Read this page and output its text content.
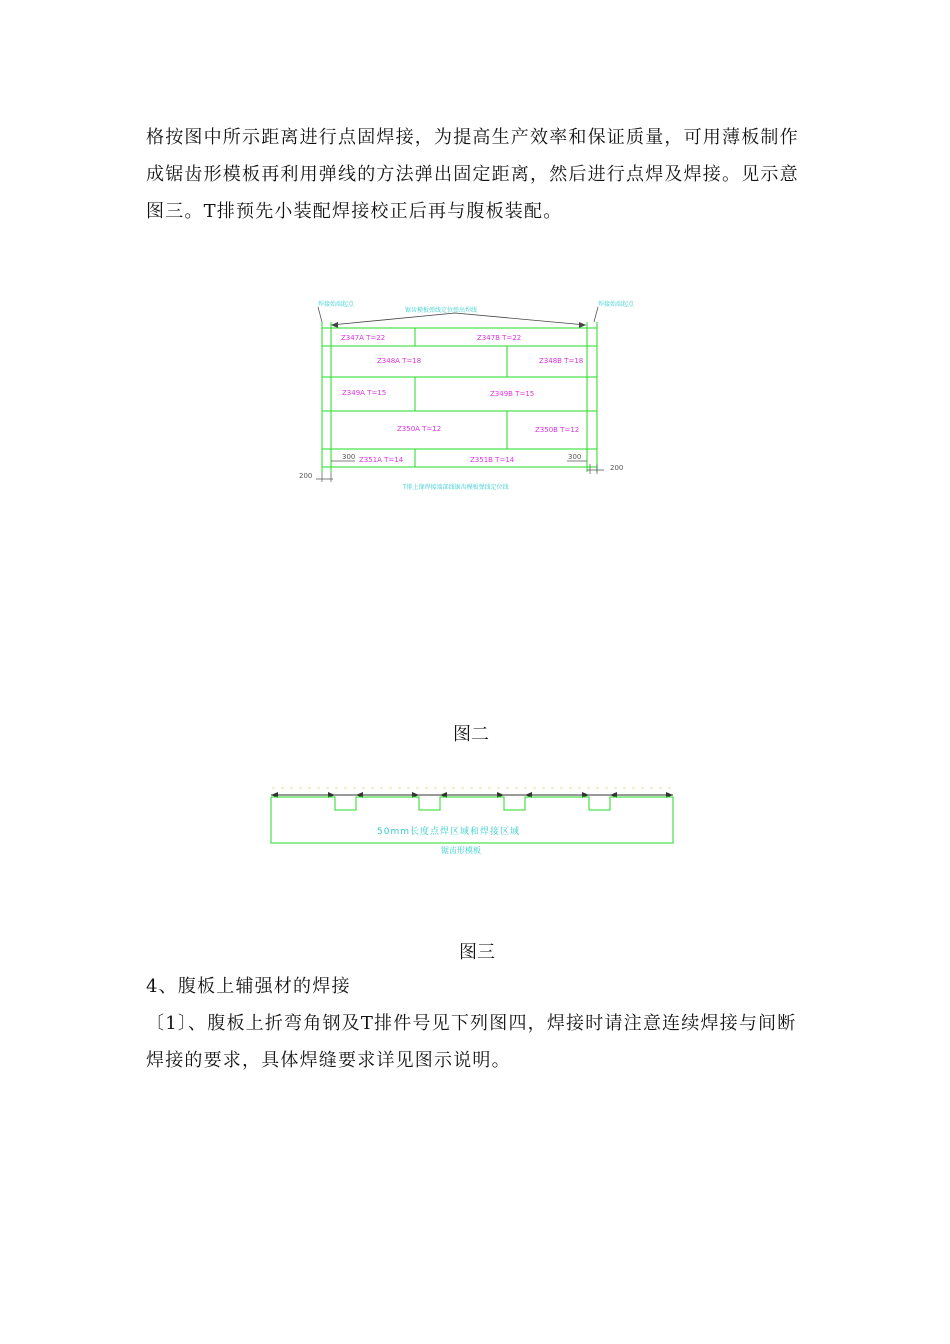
格按图中所示距离进行点固焊接，为提高生产效率和保证质量，可用薄板制作成锯齿形模板再利用弹线的方法弹出固定距离，然后进行点焊及焊接。见示意图三。T排预先小装配焊接校正后再与腹板装配。
焊接始端起点
锯齿模板弹线定位弹出焊线
焊接始端起点
Z347A T=22	Z347B T=22
Z348A T=18	Z348B T=18
Z349A T=15	Z349B T=15
Z350A T=12	Z350B T=12
Z351A T=14	Z351B T=14
300	300
200
200
T排上缘焊接端部线锯齿模板弹线定位线
图二
50mm长度点焊区域和焊接区域
锯齿形模板
图三
4、腹板上辅强材的焊接
〔1〕、腹板上折弯角钢及T排件号见下列图四，焊接时请注意连续焊接与间断焊接的要求，具体焊缝要求详见图示说明。
